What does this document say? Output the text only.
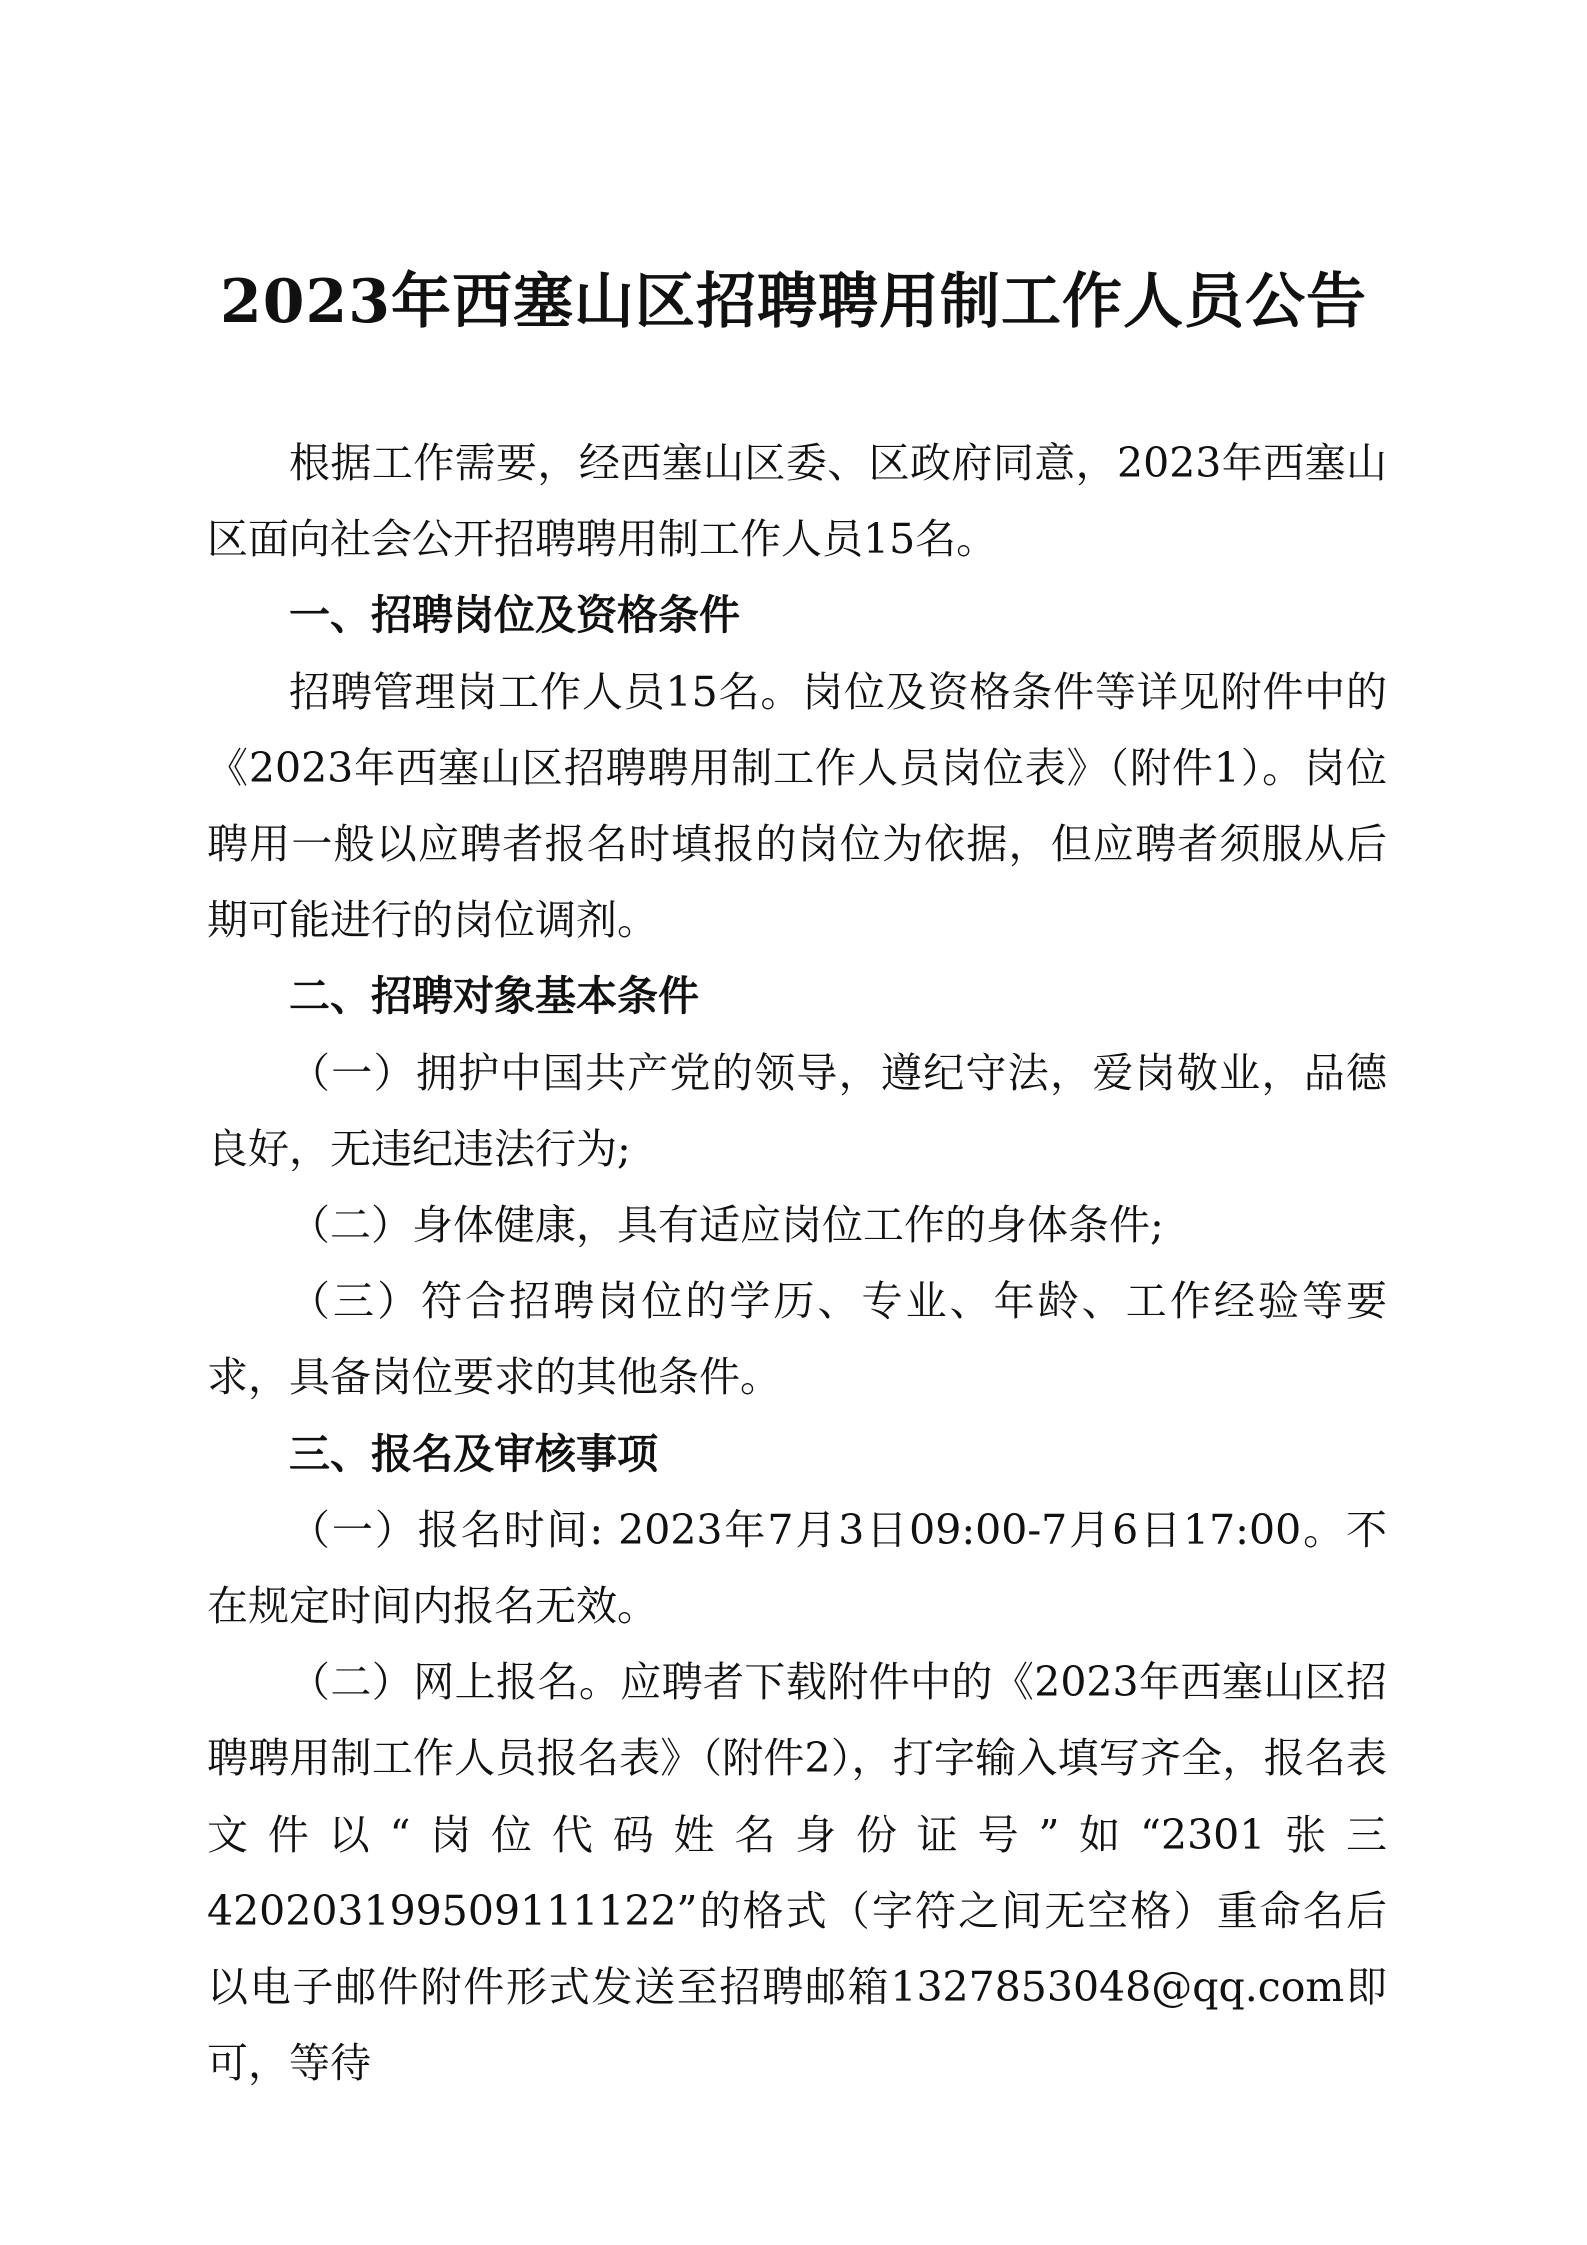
2023年西塞山区招聘聘用制工作人员公告

根据工作需要，经西塞山区委、区政府同意，2023年西塞山区面向社会公开招聘聘用制工作人员15名。

一、招聘岗位及资格条件

招聘管理岗工作人员15名。岗位及资格条件等详见附件中的《2023年西塞山区招聘聘用制工作人员岗位表》（附件1）。岗位聘用一般以应聘者报名时填报的岗位为依据，但应聘者须服从后期可能进行的岗位调剂。

二、招聘对象基本条件

（一）拥护中国共产党的领导，遵纪守法，爱岗敬业，品德良好，无违纪违法行为;

（二）身体健康，具有适应岗位工作的身体条件;

（三）符合招聘岗位的学历、专业、年龄、工作经验等要求，具备岗位要求的其他条件。

三、报名及审核事项

（一）报名时间: 2023年7月3日09:00-7月6日17:00。不在规定时间内报名无效。

（二）网上报名。应聘者下载附件中的《2023年西塞山区招聘聘用制工作人员报名表》（附件2），打字输入填写齐全，报名表文件以“岗位代码姓名身份证号”如“2301张三420203199509111122”的格式（字符之间无空格）重命名后以电子邮件附件形式发送至招聘邮箱1327853048@qq.com即可，等待
